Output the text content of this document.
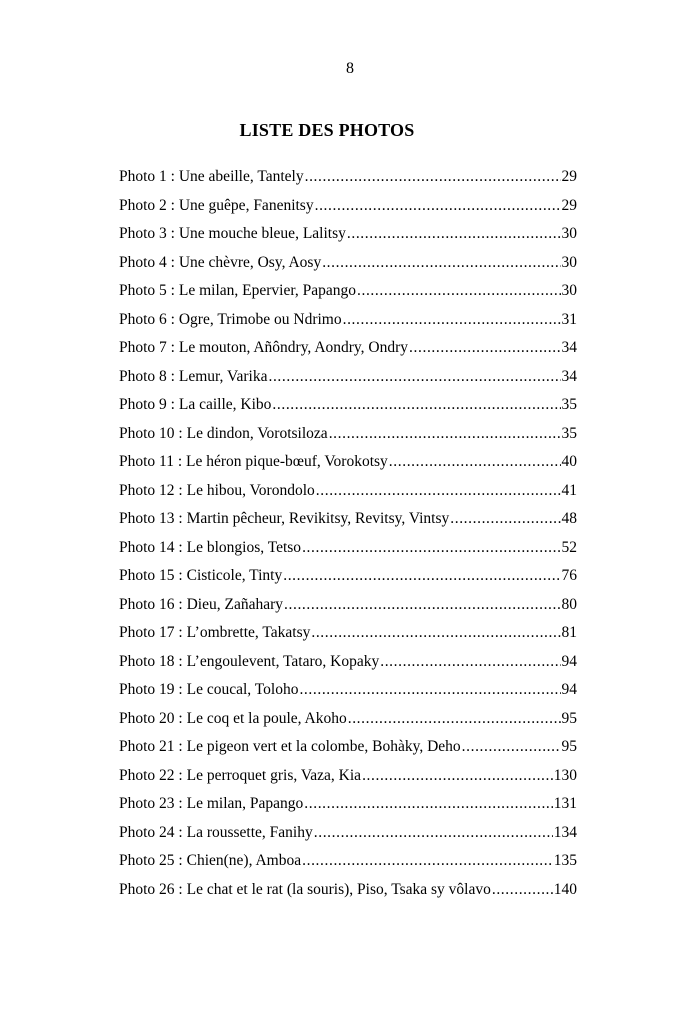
8
LISTE DES PHOTOS
Photo 1 : Une abeille, Tantely .....	29
Photo 2 : Une guêpe, Fanenitsy .....	29
Photo 3 : Une mouche bleue, Lalitsy .....	30
Photo 4 : Une chèvre, Osy, Aosy .....	30
Photo 5 : Le milan, Epervier, Papango .....	30
Photo 6 : Ogre, Trimobe ou Ndrimo .....	31
Photo 7 : Le mouton, Añôndry, Aondry, Ondry .....	34
Photo 8 : Lemur, Varika .....	34
Photo 9 : La caille, Kibo .....	35
Photo 10 : Le dindon, Vorotsiloza .....	35
Photo 11 : Le héron pique-bœuf, Vorokotsy .....	40
Photo 12 : Le hibou, Vorondolo .....	41
Photo 13 : Martin pêcheur, Revikitsy, Revitsy, Vintsy .....	48
Photo 14 : Le blongios, Tetso .....	52
Photo 15 : Cisticole, Tinty .....	76
Photo 16 : Dieu, Zañahary .....	80
Photo 17 : L’ombrette, Takatsy .....	81
Photo 18 : L’engoulevent, Tataro, Kopaky .....	94
Photo 19 : Le coucal, Toloho .....	94
Photo 20 : Le coq et la poule, Akoho .....	95
Photo 21 : Le pigeon vert et la colombe, Bohàky, Deho .....	95
Photo 22 : Le perroquet gris, Vaza, Kia .....	130
Photo 23 : Le milan, Papango .....	131
Photo 24 : La roussette, Fanihy .....	134
Photo 25 : Chien(ne), Amboa .....	135
Photo 26 : Le chat et le rat (la souris), Piso, Tsaka sy vôlavo .....	140
